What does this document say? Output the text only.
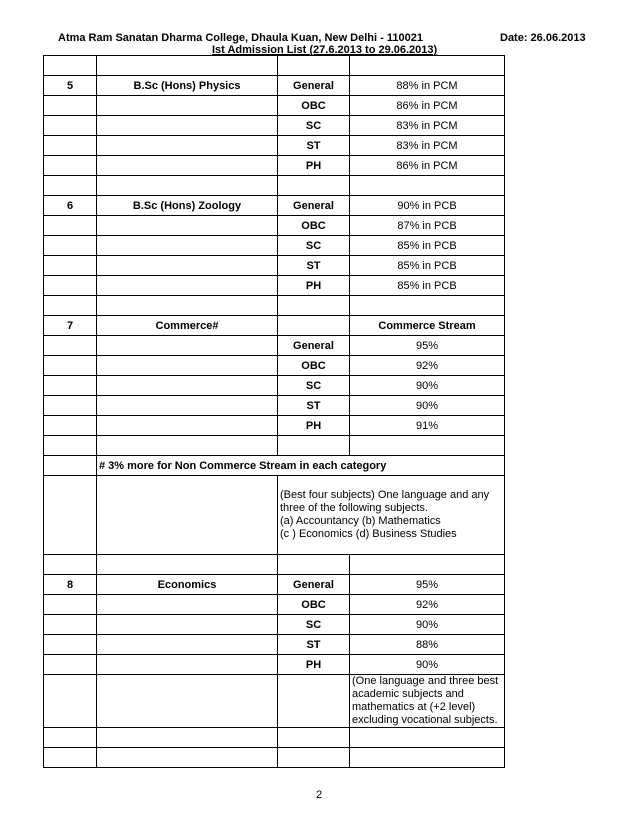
Atma Ram Sanatan Dharma College, Dhaula Kuan, New Delhi - 110021	Date: 26.06.2013
Ist Admission List (27.6.2013 to 29.06.2013)

5	B.Sc (Hons) Physics	General	88% in PCM
		OBC	86% in PCM
		SC	83% in PCM
		ST	83% in PCM
		PH	86% in PCM

6	B.Sc (Hons) Zoology	General	90% in PCB
		OBC	87% in PCB
		SC	85% in PCB
		ST	85% in PCB
		PH	85% in PCB

7	Commerce#		Commerce Stream
		General	95%
		OBC	92%
		SC	90%
		ST	90%
		PH	91%

	# 3% more for Non Commerce Stream in each category		

		(Best four subjects) One language and any
three of the following subjects.
(a) Accountancy (b) Mathematics
(c ) Economics (d) Business Studies	

8	Economics	General	95%
		OBC	92%
		SC	90%
		ST	88%
		PH	90%

			(One language and three best
academic subjects and
mathematics at (+2 level)
excluding vocational subjects.

2
